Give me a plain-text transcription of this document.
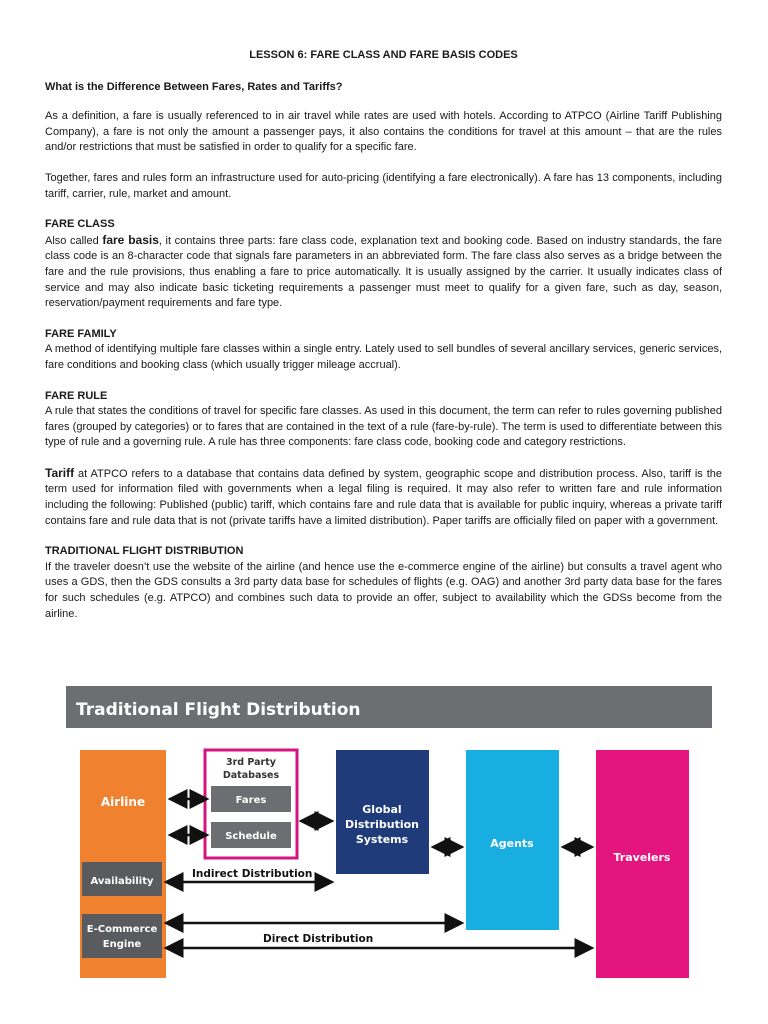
LESSON 6: FARE CLASS AND FARE BASIS CODES
What is the Difference Between Fares, Rates and Tariffs?

As a definition, a fare is usually referenced to in air travel while rates are used with hotels. According to ATPCO (Airline Tariff Publishing Company), a fare is not only the amount a passenger pays, it also contains the conditions for travel at this amount – that are the rules and/or restrictions that must be satisfied in order to qualify for a specific fare.

Together, fares and rules form an infrastructure used for auto-pricing (identifying a fare electronically). A fare has 13 components, including tariff, carrier, rule, market and amount.

FARE CLASS

Also called fare basis, it contains three parts: fare class code, explanation text and booking code. Based on industry standards, the fare class code is an 8-character code that signals fare parameters in an abbreviated form. The fare class also serves as a bridge between the fare and the rule provisions, thus enabling a fare to price automatically. It is usually assigned by the carrier. It usually indicates class of service and may also indicate basic ticketing requirements a passenger must meet to qualify for a given fare, such as day, season, reservation/payment requirements and fare type.

FARE FAMILY

A method of identifying multiple fare classes within a single entry. Lately used to sell bundles of several ancillary services, generic services, fare conditions and booking class (which usually trigger mileage accrual).

FARE RULE

A rule that states the conditions of travel for specific fare classes. As used in this document, the term can refer to rules governing published fares (grouped by categories) or to fares that are contained in the text of a rule (fare-by-rule). The term is used to differentiate between this type of rule and a governing rule. A rule has three components: fare class code, booking code and category restrictions.

Tariff at ATPCO refers to a database that contains data defined by system, geographic scope and distribution process. Also, tariff is the term used for information filed with governments when a legal filing is required. It may also refer to written fare and rule information including the following: Published (public) tariff, which contains fare and rule data that is available for public inquiry, whereas a private tariff contains fare and rule data that is not (private tariffs have a limited distribution). Paper tariffs are officially filed on paper with a government.

TRADITIONAL FLIGHT DISTRIBUTION

If the traveler doesn’t use the website of the airline (and hence use the e-commerce engine of the airline) but consults a travel agent who uses a GDS, then the GDS consults a 3rd party data base for schedules of flights (e.g. OAG) and another 3rd party data base for the fares for such schedules (e.g. ATPCO) and combines such data to provide an offer, subject to availability which the GDSs become from the airline.

Traditional Flight Distribution
Airline
Availability
E-Commerce
Engine
3rd Party
Databases
Fares
Schedule
Global
Distribution
Systems	Agents
Travelers
Indirect Distribution
Direct Distribution
